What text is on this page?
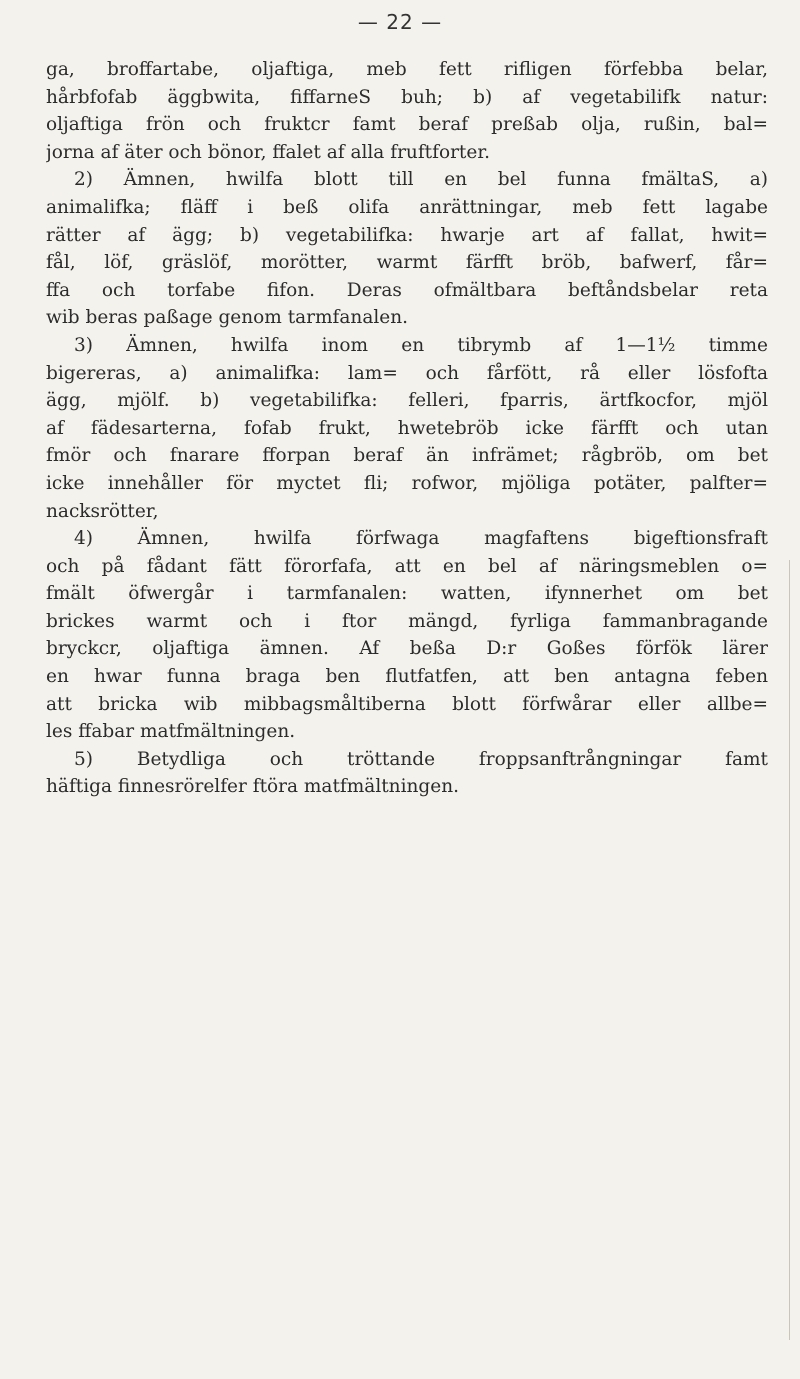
— 22 —
ga, broffartabe, oljaftiga, meb fett rifligen förfebba belar,
hårbfofab äggbwita, fiffarneS buh; b) af vegetabilifk natur:
oljaftiga frön och fruktcr famt beraf preßab olja, rußin, bal=
jorna af äter och bönor, ffalet af alla fruftforter.
2) Ämnen, hwilfa blott till en bel funna fmältaS, a)
animalifka; fläff i beß olifa anrättningar, meb fett lagabe
rätter af ägg; b) vegetabilifka: hwarje art af fallat, hwit=
fål, löf, gräslöf, morötter, warmt färfft bröb, bafwerf, får=
ffa och torfabe fifon. Deras ofmältbara beftåndsbelar reta
wib beras paßage genom tarmfanalen.
3) Ämnen, hwilfa inom en tibrymb af 1—1½ timme
bigereras, a) animalifka: lam= och fårfött, rå eller lösfofta
ägg, mjölf. b) vegetabilifka: felleri, fparris, ärtfkocfor, mjöl
af fädesarterna, fofab frukt, hwetebröb icke färfft och utan
fmör och fnarare fforpan beraf än infrämet; rågbröb, om bet
icke innehåller för myctet fli; rofwor, mjöliga potäter, palfter=
nacksrötter,
4) Ämnen, hwilfa förfwaga magfaftens bigeftionsfraft
och på fådant fätt förorfafa, att en bel af näringsmeblen o=
fmält öfwergår i tarmfanalen: watten, ifynnerhet om bet
brickes warmt och i ftor mängd, fyrliga fammanbragande
bryckcr, oljaftiga ämnen. Af beßa D:r Goßes förfök lärer
en hwar funna braga ben flutfatfen, att ben antagna feben
att bricka wib mibbagsmåltiberna blott förfwårar eller allbe=
les ffabar matfmältningen.
5) Betydliga och tröttande froppsanftrångningar famt
häftiga finnesrörelfer ftöra matfmältningen.
